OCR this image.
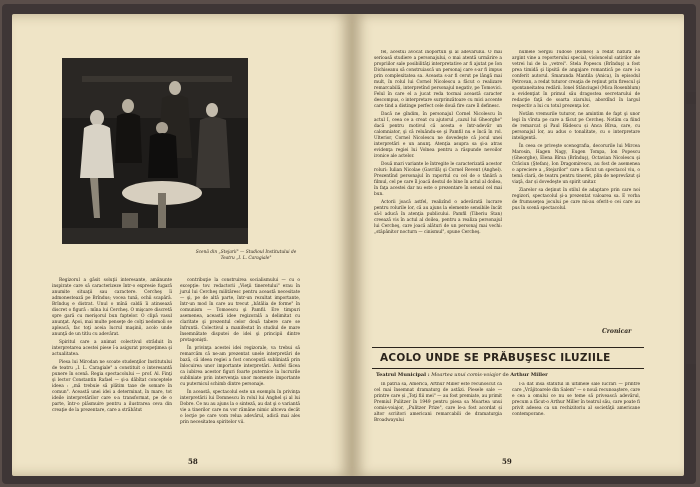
Scenă din „Stejarii" — Studioul Institutului de Teatru „I. L. Caragiale"

Regizorul a găsit soluţii interesante, amănunte inspirate care să caracterizeze într-o expresie fugară anumite situaţii sau caractere. Cercheş îi admonestează pe Brîndus; vocea tună, ochii scapără. Brînduş e distrat. Unul o mînă caldă îi atinsează discret o figură : mîna lui Cercheş. O mişcare discretă spre gară cu merişorul bun faptelor. O clipă vasul anunţat. Apoi, mai multe penseţe de colţi nedomoli se apleacă, fac toţi aceia lucrul maşinii, acolo unde anunţă de un titlu cu adevărat.

Spiritul care a animat colectivul străduit în interpretarea acestei piese î-a asigurat prospeţimea şi actualitatea.

Piesa lui Mirodan ne scoate studenţilor Institutului de teatru „I. L. Caragiale" a constituit o interesantă punere în scenă. Regia spectacolului — prof. Al. Finţi şi lector Constantin Rafael — şi-a dăbîtat conceptele ideea : „mă trebuie să plătim taxe de somare în comun". Această unei idei a determinat, în mare, tot ideile interpretărilor care s-a transformat, pe de o parte, într-o plăsmuire pentru a ilustrarea ceva din creaţie de la prezentare, care a străbătut

contribuţie la construirea socialismului — cu o excepţie: tov. redactorii „Vieţii tineretului" erau în jurul lui Cercheş milităresc pentru această necesitate — şi, pe de altă parte, într-un rezultat importante, într-un mod în care au trecut „bătălia de forme" în comunism — Tomoescu şi Pamfil. Ere timpuri asemenea, această idee regizorală a delimitat cu claritate şi prezentul celor două tabere care se înfruntă. Colectivul a manifestat în studiul de mare însemnătate disputei de idei şi principii dintre protagonişti.

În privinţa acestei idei regizorale, va trebui să remarcăm că ne-am prezentat unele interpretări de bază, că ideea regiei a fost concepută subliniată prin înlocuirea unor importante interpretări. Astfel făcea ca iubirea acestor figuri foarte puternice la lucrurile subliniate prin intervenţia unor momente importante cu puternicul schimb dintre personaje.

În această, spectacolul este un exemplu în privinţa interpretării lui Domnescu în rolul lui Anghel şi al lui Dobre. Ce nu au ajuns la o sinteză, au dat şi o variantă vie a tinerilor care nu vor rămâne nimic altceva decât o lecţie pe care vom relua adevărul, adică mai ales prin necesitatea spiritelor vii.

58

fel, acestui avocat inoportun şi al adevărului. O mai serioasă studiere a personajului, o mai atentă urmărire a propriilor sale posibilităţi interpretative ar fi ajutat pe Ion Dichiseanu să construiască un personaj care s-ar fi impus prin complexitatea sa. Aceasta s-ar fi cerut pe lângă mai mult, în rolul lui Cornel Nicolescu a făcut o realizare remarcabilă, interpretînd personajul negativ, pe Tomovici. Felul în care el a jucat reda tocmai această caracter descompus, o interpretare surprinzătoare cu mici accente care tind a distinge perfect cele două fire care îl definesc.

Dacă ne gîndim, în personajul Cornel Nicolescu în actul I, ceea ce a creat cu ajutorul „cazul lui Gheorghe" dacă pentru motivul că acesta e într-adevăr un calomniator, şi că reluându-se şi Pamfil nu e încă în rol. Ulterior, Cornel Nicolescu ne dovedeşte că jocul unei interpretări e un anunţ. Atenţia asupra sa şi-a atras evidenţa regiei lui Volnea pentru a răspunde nevoilor ironice ale actelor.

Două mari variante le întregite le caracterizată acestor roluri: Iulian Nicolae (Gavrilă) şi Cornel Revent (Anghel). Prezentînd personajul în raportul cu cel de o tânără a filmul, cel pe care îl joacă destul de bine în actul al doilea, în faţa acestei dar nu este o prezentare în sensul cel mai bun.

Actorii joacă astfel, realizînd o adevărată lucrare pentru rolurile lor, că au ajuns la elemente sensibile încât să-l aducă în atenţia publicului. Pamfil (Tiberiu Stan) creează vis în actul al doilea, pentru a realiza personajul lui Cercheş, care joacă alături de un personaj mai vechi: „stăpânitor nocturn — cinismul", spune Cercheş.

numele Sergiu Tudose (Romeo) a redat natura de argint vine a reporterului special, violoncelul satirilor ale vetrei lui de la „vetrei". Stela Popescu (Brînduş) a fost prea timidă şi lipsită de angajare romantică pe care i-a conferit autorul. Smaranda Mantila (Anica), în episodul Petrovan, a redat tuturor creaţia de reţinut prin firescul şi spontaneitatea redării. Ionel Stănciugel (Mica Rosenblum) a evidenţiat în primul său dragostea secretarului de redacţie faţă de soarta ziarului, abordînd în largul respectiv a lui cu totul prezenţa lor.

Notăm vremurile tuturor, ne amintim de fapt şi unor legi în vîrsta pe care a făcut pe Cercheş. Notăm ca fiind de remarcat şi Paul Bădescu și Anca Bîrsa, care, cu personajul lor, au adus o tonalitate, cu o interpretare inteligentă.

În ceea ce priveşte scenografia, decorurile lui Mircea Marosin, Hagen Nagy, Eugen Tompa, Ion Popescu (Gheorghe), Elena Bîrsa (Brînduş), Octavian Nicolescu şi Crăciun (Ştefan), Ion Dragomirescu, au fost de asemenea o apreciere a „Stejarilor" care a făcut un spectacol viu, o temă clară, de teatru pentru tineret, plin de neprevăzut şi viaţă, dar și dovedeşte un spirit unitar.

Ziarelor sa deţinut în stilul de adaptare prin care noi regizori, spectacolul şi-a prezentat valoarea sa. E vorba de frumuseţea jocului pe care mi-au oferit-o cei care au pus în scenă spectacolul.

Cronicar
ACOLO UNDE SE PRĂBUŞESC ILUZIILE
Teatrul Municipal : Moartea unui comis-voiajor de Arthur Miller

În patria sa, America, Arthur Miller este recunoscut ca cel mai însemnat dramaturg de astăzi. Piesele sale — printre care și „Toţi fiii mei" — au fost premiate, au primit Premiul Pulitzer în 1949 pentru piesa sa Moartea unui comis-voiajor, „Pulitzer Prize", care le-a fost acordat și altor scriitori americani remarcabili de dramaturgia Broadwayului

I-a dat însă statutul în ultimele sale lucrări — printre care „Vrăjitoarele din Salem" — o nouă recunoaştere, care e cea a omului ce nu se teme să privească adevărul, precum a făcut-o Arthur Miller în teatrul său, care poate fi privit adesea ca un rechizitoriu al societăţii americane contemporane.

59
